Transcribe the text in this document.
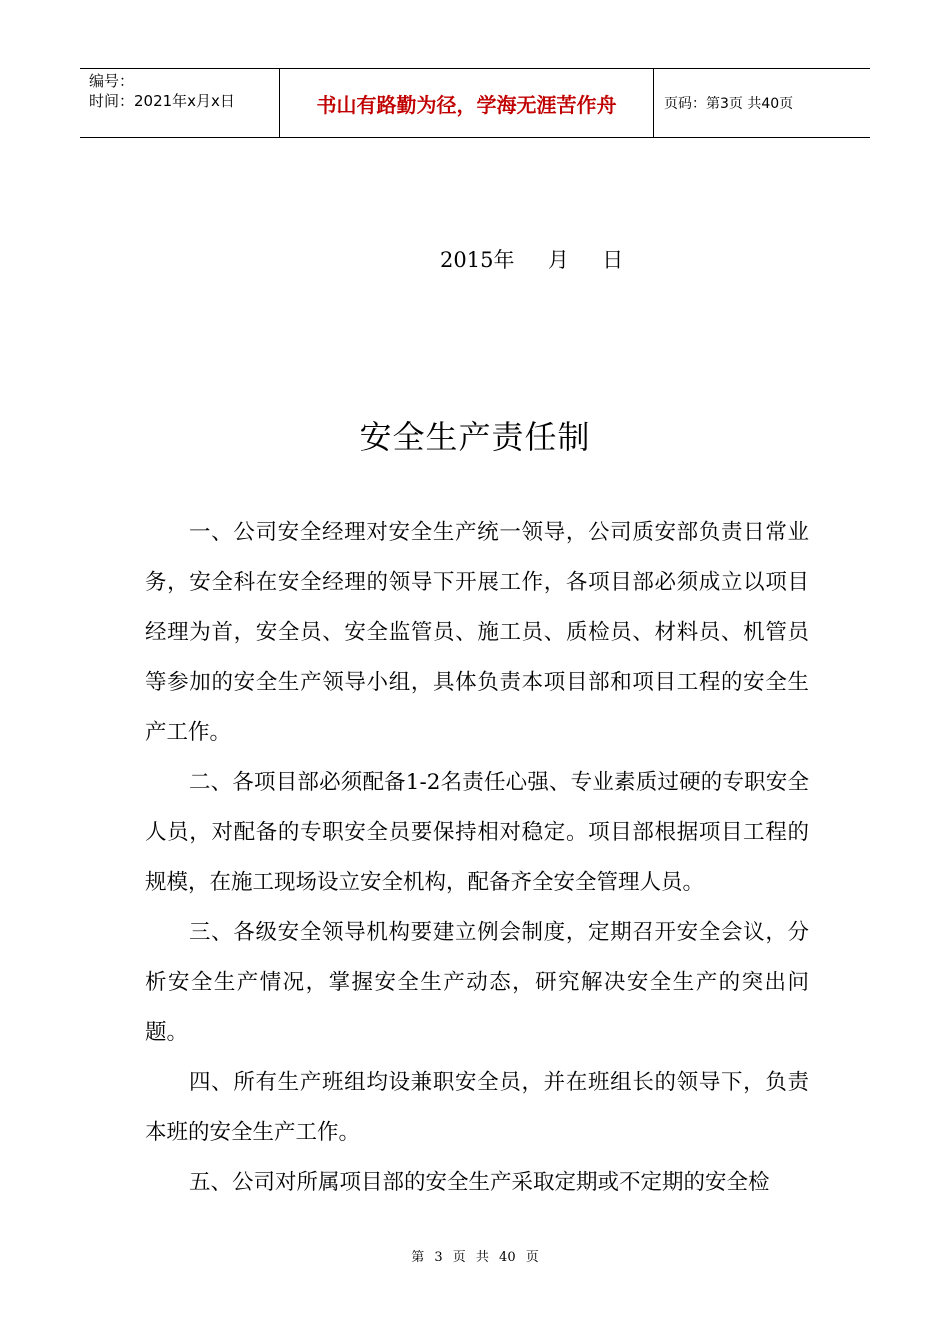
编号：
时间：2021年x月x日	书山有路勤为径，学海无涯苦作舟	页码：第3页 共40页
2015年     月     日
安全生产责任制

一、公司安全经理对安全生产统一领导，公司质安部负责日常业务，安全科在安全经理的领导下开展工作，各项目部必须成立以项目经理为首，安全员、安全监管员、施工员、质检员、材料员、机管员等参加的安全生产领导小组，具体负责本项目部和项目工程的安全生产工作。

二、各项目部必须配备1-2名责任心强、专业素质过硬的专职安全人员，对配备的专职安全员要保持相对稳定。项目部根据项目工程的规模，在施工现场设立安全机构，配备齐全安全管理人员。

三、各级安全领导机构要建立例会制度，定期召开安全会议，分析安全生产情况，掌握安全生产动态，研究解决安全生产的突出问题。

四、所有生产班组均设兼职安全员，并在班组长的领导下，负责本班的安全生产工作。

五、公司对所属项目部的安全生产采取定期或不定期的安全检

第 3 页 共 40 页
